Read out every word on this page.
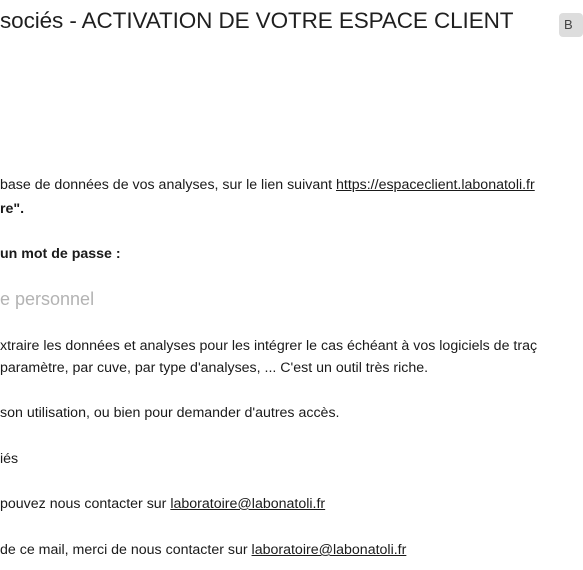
sociés - ACTIVATION DE VOTRE ESPACE CLIENT	B
base de données de vos analyses, sur le lien suivant https://espaceclient.labonatoli.fr
re".
un mot de passe :
e personnel
xtraire les données et analyses pour les intégrer le cas échéant à vos logiciels de traç
paramètre, par cuve, par type d'analyses, ... C'est un outil très riche.
son utilisation, ou bien pour demander d'autres accès.
iés
pouvez nous contacter sur laboratoire@labonatoli.fr
de ce mail, merci de nous contacter sur laboratoire@labonatoli.fr
